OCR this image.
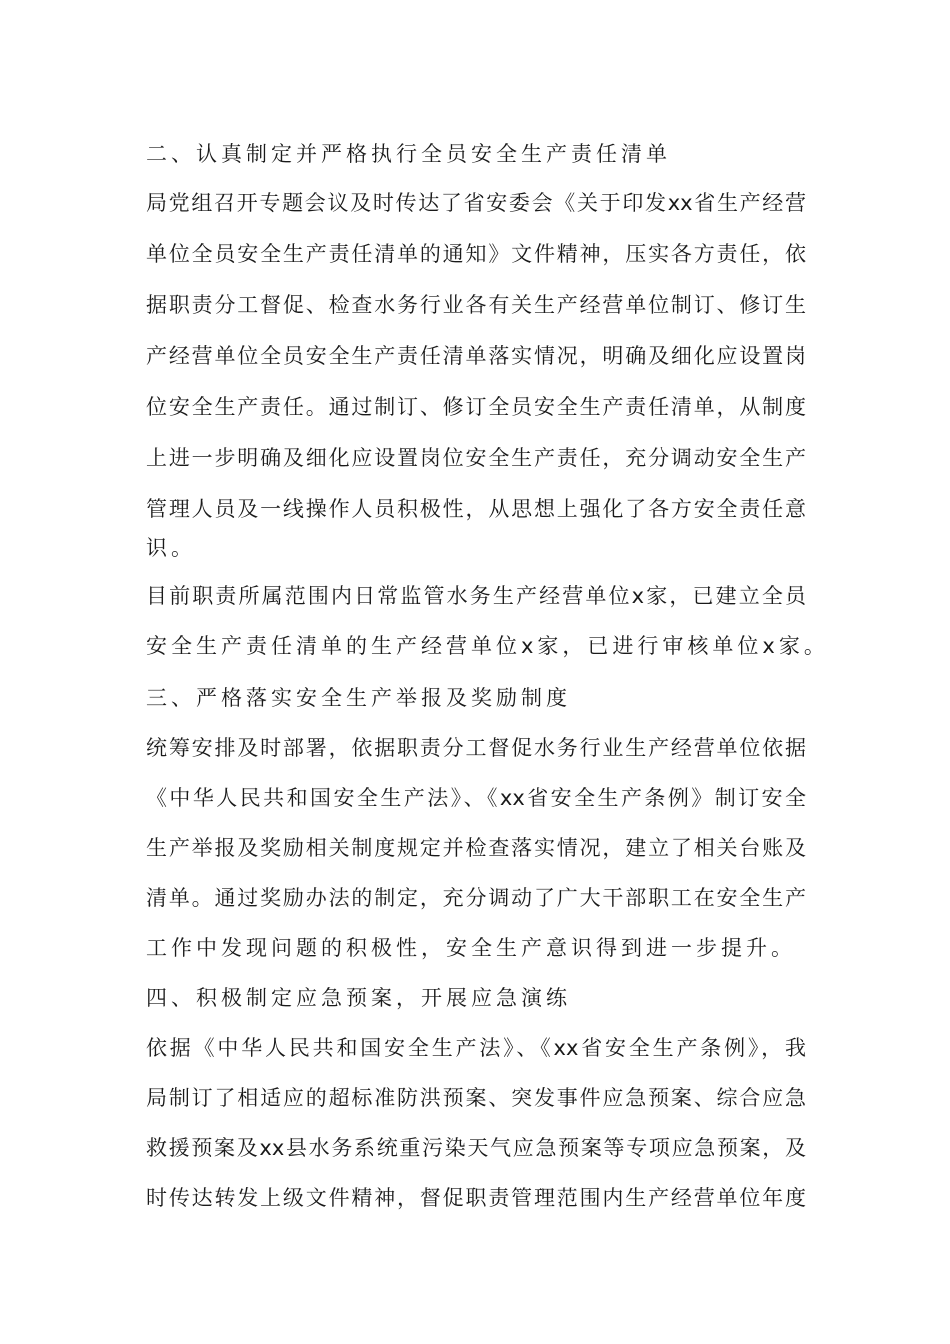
二、认真制定并严格执行全员安全生产责任清单
局党组召开专题会议及时传达了省安委会《关于印发xx省生产经营
单位全员安全生产责任清单的通知》文件精神，压实各方责任，依
据职责分工督促、检查水务行业各有关生产经营单位制订、修订生
产经营单位全员安全生产责任清单落实情况，明确及细化应设置岗
位安全生产责任。通过制订、修订全员安全生产责任清单，从制度
上进一步明确及细化应设置岗位安全生产责任，充分调动安全生产
管理人员及一线操作人员积极性，从思想上强化了各方安全责任意
识。
目前职责所属范围内日常监管水务生产经营单位x家，已建立全员
安全生产责任清单的生产经营单位x家，已进行审核单位x家。
三、严格落实安全生产举报及奖励制度
统筹安排及时部署，依据职责分工督促水务行业生产经营单位依据
《中华人民共和国安全生产法》、《xx省安全生产条例》制订安全
生产举报及奖励相关制度规定并检查落实情况，建立了相关台账及
清单。通过奖励办法的制定，充分调动了广大干部职工在安全生产
工作中发现问题的积极性，安全生产意识得到进一步提升。
四、积极制定应急预案，开展应急演练
依据《中华人民共和国安全生产法》、《xx省安全生产条例》，我
局制订了相适应的超标准防洪预案、突发事件应急预案、综合应急
救援预案及xx县水务系统重污染天气应急预案等专项应急预案，及
时传达转发上级文件精神，督促职责管理范围内生产经营单位年度
